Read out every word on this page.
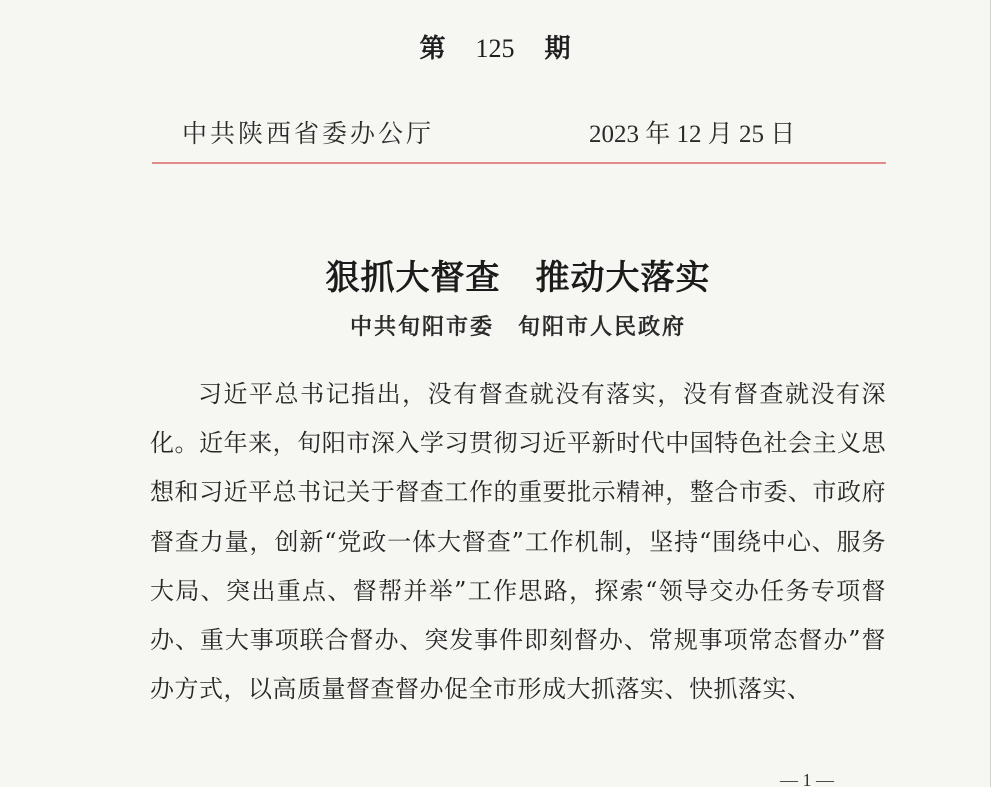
第 125 期
中共陕西省委办公厅	2023 年 12 月 25 日
狠抓大督查　推动大落实
中共旬阳市委　旬阳市人民政府
习近平总书记指出，没有督查就没有落实，没有督查就没有深化。近年来，旬阳市深入学习贯彻习近平新时代中国特色社会主义思想和习近平总书记关于督查工作的重要批示精神，整合市委、市政府督查力量，创新“党政一体大督查”工作机制，坚持“围绕中心、服务大局、突出重点、督帮并举”工作思路，探索“领导交办任务专项督办、重大事项联合督办、突发事件即刻督办、常规事项常态督办”督办方式，以高质量督查督办促全市形成大抓落实、快抓落实、
— 1 —
